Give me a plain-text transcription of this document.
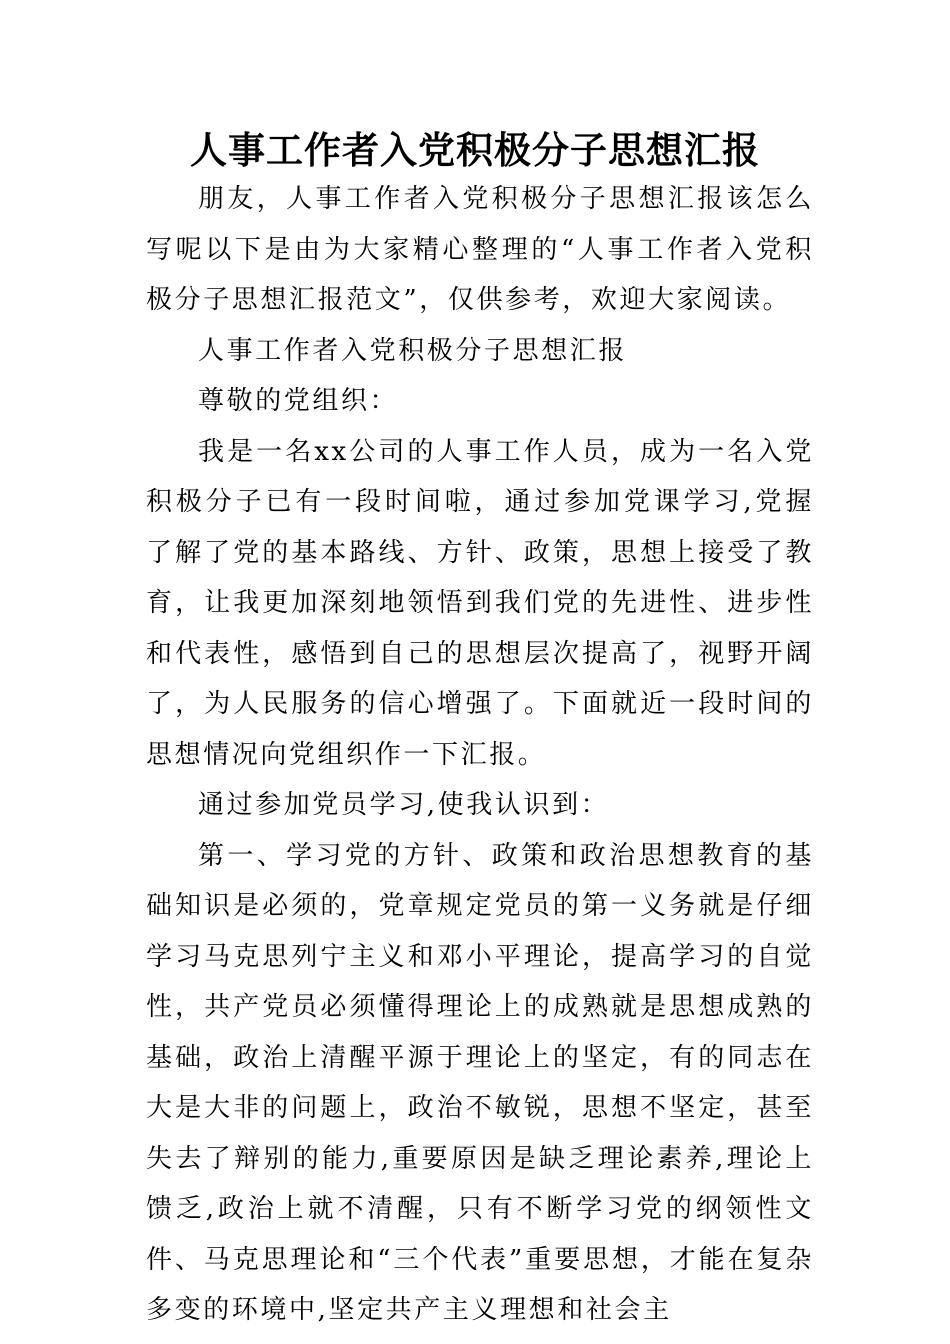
人事工作者入党积极分子思想汇报

朋友，人事工作者入党积极分子思想汇报该怎么写呢以下是由为大家精心整理的“人事工作者入党积极分子思想汇报范文”，仅供参考，欢迎大家阅读。

人事工作者入党积极分子思想汇报

尊敬的党组织：

我是一名xx公司的人事工作人员，成为一名入党积极分子已有一段时间啦，通过参加党课学习,党握了解了党的基本路线、方针、政策，思想上接受了教育，让我更加深刻地领悟到我们党的先进性、进步性和代表性，感悟到自己的思想层次提高了，视野开阔了，为人民服务的信心增强了。下面就近一段时间的思想情况向党组织作一下汇报。

通过参加党员学习,使我认识到：

第一、学习党的方针、政策和政治思想教育的基础知识是必须的，党章规定党员的第一义务就是仔细学习马克思列宁主义和邓小平理论，提高学习的自觉性，共产党员必须懂得理论上的成熟就是思想成熟的基础，政治上清醒平源于理论上的坚定，有的同志在大是大非的问题上，政治不敏锐，思想不坚定，甚至失去了辩别的能力,重要原因是缺乏理论素养,理论上馈乏,政治上就不清醒，只有不断学习党的纲领性文件、马克思理论和“三个代表”重要思想，才能在复杂多变的环境中,坚定共产主义理想和社会主
